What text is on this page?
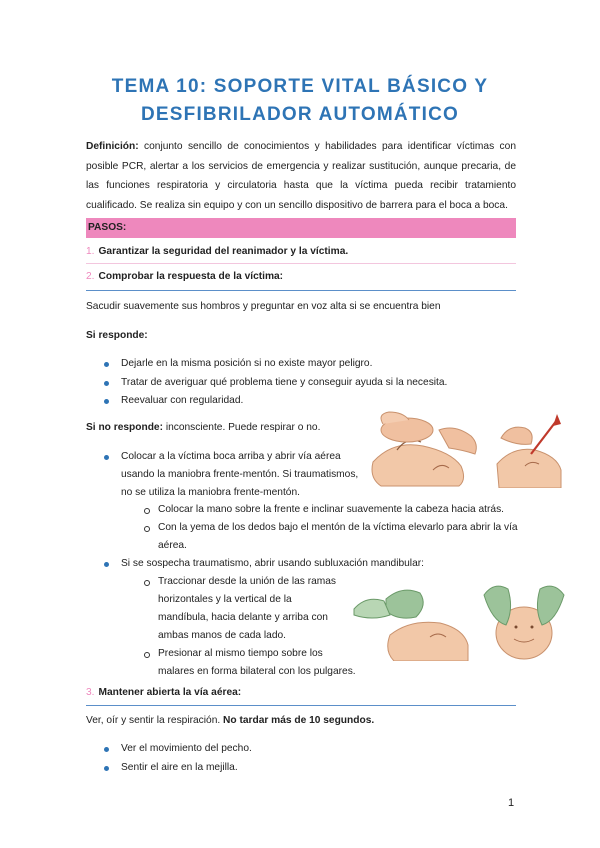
TEMA 10: SOPORTE VITAL BÁSICO Y
DESFIBRILADOR AUTOMÁTICO
Definición: conjunto sencillo de conocimientos y habilidades para identificar víctimas con posible PCR, alertar a los servicios de emergencia y realizar sustitución, aunque precaria, de las funciones respiratoria y circulatoria hasta que la víctima pueda recibir tratamiento cualificado. Se realiza sin equipo y con un sencillo dispositivo de barrera para el boca a boca.
PASOS:
1. Garantizar la seguridad del reanimador y la víctima.
2. Comprobar la respuesta de la víctima:
Sacudir suavemente sus hombros y preguntar en voz alta si se encuentra bien
Si responde:
Dejarle en la misma posición si no existe mayor peligro.
Tratar de averiguar qué problema tiene y conseguir ayuda si la necesita.
Reevaluar con regularidad.
Si no responde: inconsciente. Puede respirar o no.
Colocar a la víctima boca arriba y abrir vía aérea
usando la maniobra frente-mentón. Si traumatismos,
no se utiliza la maniobra frente-mentón.
Colocar la mano sobre la frente e inclinar suavemente la cabeza hacia atrás.
Con la yema de los dedos bajo el mentón de la víctima elevarlo para abrir la vía
aérea.
Si se sospecha traumatismo, abrir usando subluxación mandibular:
Traccionar desde la unión de las ramas
horizontales y la vertical de la
mandíbula, hacia delante y arriba con
ambas manos de cada lado.
Presionar al mismo tiempo sobre los
malares en forma bilateral con los pulgares.
3. Mantener abierta la vía aérea:
Ver, oír y sentir la respiración. No tardar más de 10 segundos.
Ver el movimiento del pecho.
Sentir el aire en la mejilla.
1
